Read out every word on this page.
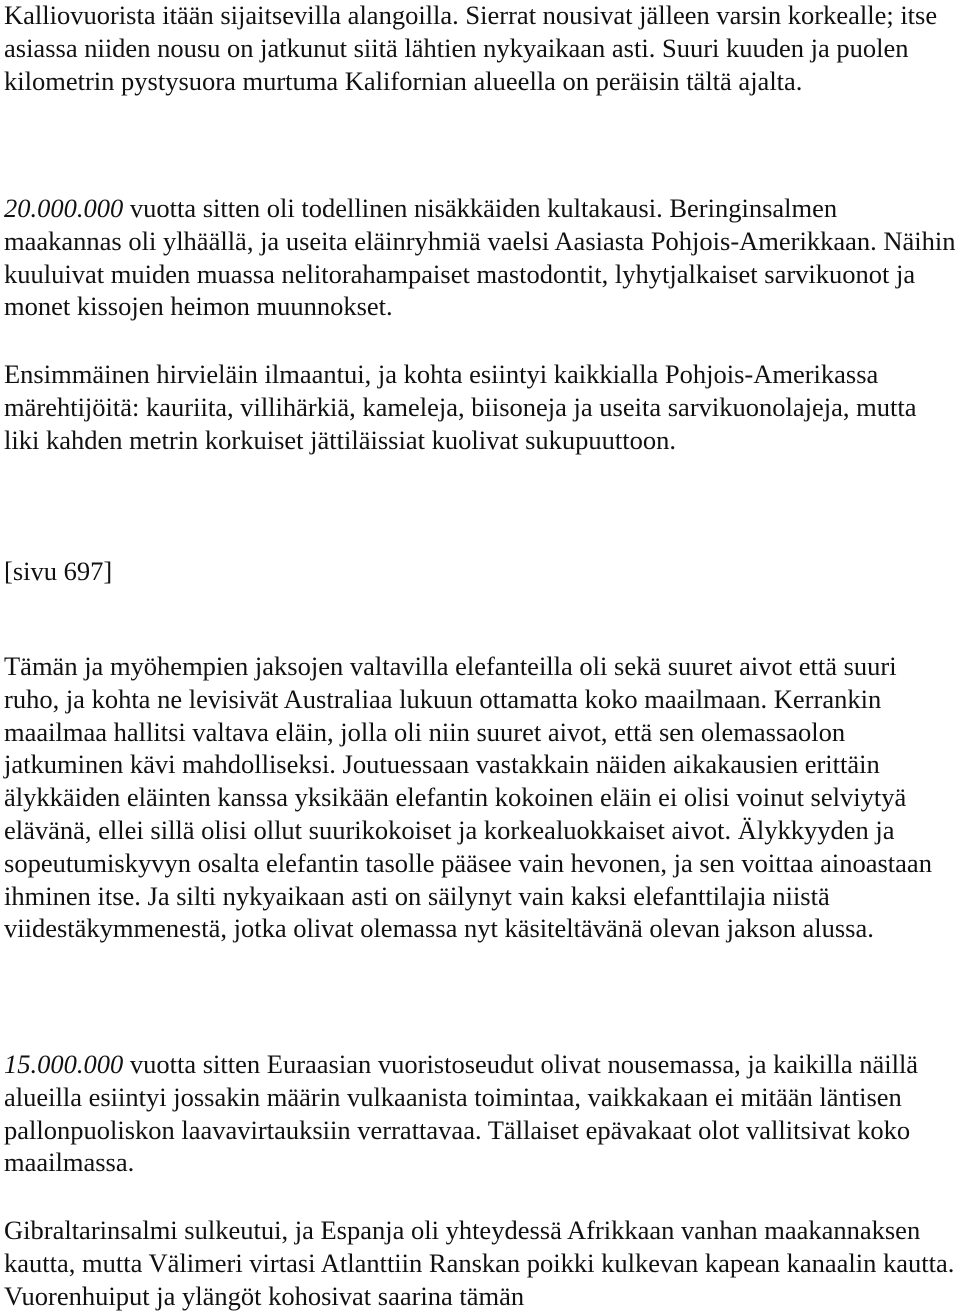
Kalliovuorista itään sijaitsevilla alangoilla. Sierrat nousivat jälleen varsin korkealle; itse asiassa niiden nousu on jatkunut siitä lähtien nykyaikaan asti. Suuri kuuden ja puolen kilometrin pystysuora murtuma Kalifornian alueella on peräisin tältä ajalta.

20.000.000 vuotta sitten oli todellinen nisäkkäiden kultakausi. Beringinsalmen maakannas oli ylhäällä, ja useita eläinryhmiä vaelsi Aasiasta Pohjois-Amerikkaan. Näihin kuuluivat muiden muassa nelitorahampaiset mastodontit, lyhytjalkaiset sarvikuonot ja monet kissojen heimon muunnokset.

Ensimmäinen hirvieläin ilmaantui, ja kohta esiintyi kaikkialla Pohjois-Amerikassa märehtijöitä: kauriita, villihärkiä, kameleja, biisoneja ja useita sarvikuonolajeja, mutta liki kahden metrin korkuiset jättiläissiat kuolivat sukupuuttoon.

[sivu 697]

Tämän ja myöhempien jaksojen valtavilla elefanteilla oli sekä suuret aivot että suuri ruho, ja kohta ne levisivät Australiaa lukuun ottamatta koko maailmaan. Kerrankin maailmaa hallitsi valtava eläin, jolla oli niin suuret aivot, että sen olemassaolon jatkuminen kävi mahdolliseksi. Joutuessaan vastakkain näiden aikakausien erittäin älykkäiden eläinten kanssa yksikään elefantin kokoinen eläin ei olisi voinut selviytyä elävänä, ellei sillä olisi ollut suurikokoiset ja korkealuokkaiset aivot. Älykkyyden ja sopeutumiskyvyn osalta elefantin tasolle pääsee vain hevonen, ja sen voittaa ainoastaan ihminen itse. Ja silti nykyaikaan asti on säilynyt vain kaksi elefanttilajia niistä viidestäkymmenestä, jotka olivat olemassa nyt käsiteltävänä olevan jakson alussa.

15.000.000 vuotta sitten Euraasian vuoristoseudut olivat nousemassa, ja kaikilla näillä alueilla esiintyi jossakin määrin vulkaanista toimintaa, vaikkakaan ei mitään läntisen pallonpuoliskon laavavirtauksiin verrattavaa. Tällaiset epävakaat olot vallitsivat koko maailmassa.

Gibraltarinsalmi sulkeutui, ja Espanja oli yhteydessä Afrikkaan vanhan maakannaksen kautta, mutta Välimeri virtasi Atlanttiin Ranskan poikki kulkevan kapean kanaalin kautta. Vuorenhuiput ja ylängöt kohosivat saarina tämän
